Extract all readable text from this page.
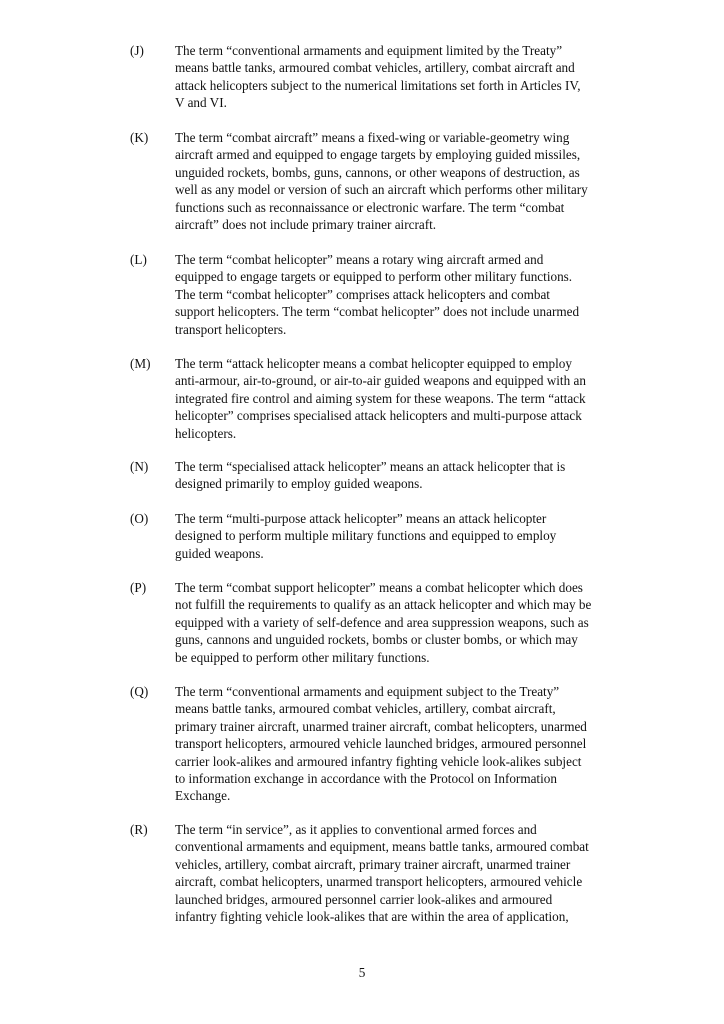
(J)	The term “conventional armaments and equipment limited by the Treaty”
means battle tanks, armoured combat vehicles, artillery, combat aircraft and
attack helicopters subject to the numerical limitations set forth in Articles IV,
V and VI.
(K)	The term “combat aircraft” means a fixed-wing or variable-geometry wing
aircraft armed and equipped to engage targets by employing guided missiles,
unguided rockets, bombs, guns, cannons, or other weapons of destruction, as
well as any model or version of such an aircraft which performs other military
functions such as reconnaissance or electronic warfare. The term “combat
aircraft” does not include primary trainer aircraft.
(L)	The term “combat helicopter” means a rotary wing aircraft armed and
equipped to engage targets or equipped to perform other military functions.
The term “combat helicopter” comprises attack helicopters and combat
support helicopters. The term “combat helicopter” does not include unarmed
transport helicopters.
(M)	The term “attack helicopter means a combat helicopter equipped to employ
anti-armour, air-to-ground, or air-to-air guided weapons and equipped with an
integrated fire control and aiming system for these weapons. The term “attack
helicopter” comprises specialised attack helicopters and multi-purpose attack
helicopters.
(N)	The term “specialised attack helicopter” means an attack helicopter that is
designed primarily to employ guided weapons.
(O)	The term “multi-purpose attack helicopter” means an attack helicopter
designed to perform multiple military functions and equipped to employ
guided weapons.
(P)	The term “combat support helicopter” means a combat helicopter which does
not fulfill the requirements to qualify as an attack helicopter and which may be
equipped with a variety of self-defence and area suppression weapons, such as
guns, cannons and unguided rockets, bombs or cluster bombs, or which may
be equipped to perform other military functions.
(Q)	The term “conventional armaments and equipment subject to the Treaty”
means battle tanks, armoured combat vehicles, artillery, combat aircraft,
primary trainer aircraft, unarmed trainer aircraft, combat helicopters, unarmed
transport helicopters, armoured vehicle launched bridges, armoured personnel
carrier look-alikes and armoured infantry fighting vehicle look-alikes subject
to information exchange in accordance with the Protocol on Information
Exchange.
(R)	The term “in service”, as it applies to conventional armed forces and
conventional armaments and equipment, means battle tanks, armoured combat
vehicles, artillery, combat aircraft, primary trainer aircraft, unarmed trainer
aircraft, combat helicopters, unarmed transport helicopters, armoured vehicle
launched bridges, armoured personnel carrier look-alikes and armoured
infantry fighting vehicle look-alikes that are within the area of application,
5
